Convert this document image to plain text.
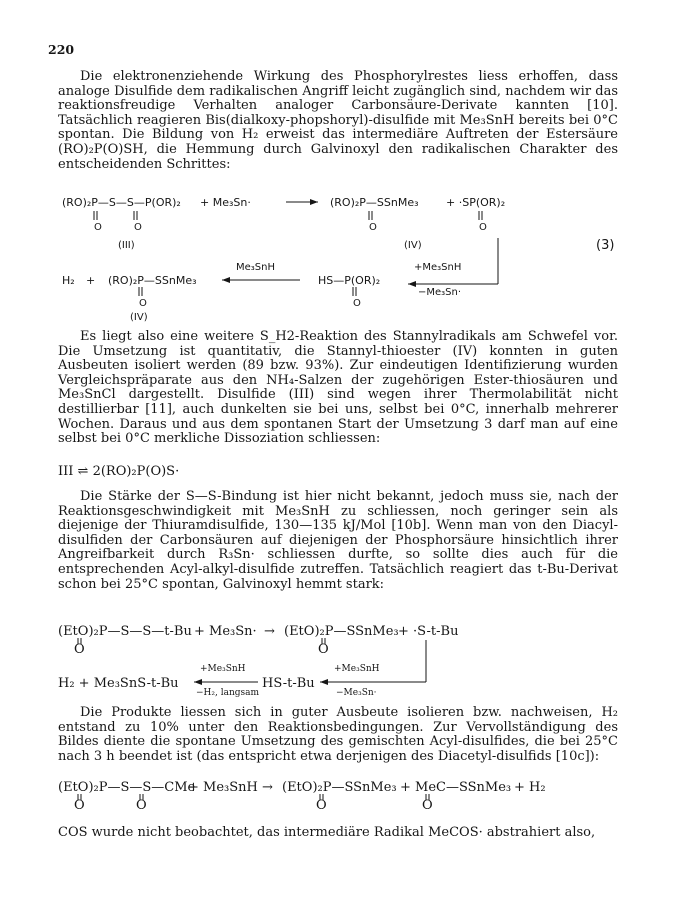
220
Die elektronenziehende Wirkung des Phosphorylrestes liess erhoffen, dass analoge Disulfide dem radikalischen Angriff leicht zugänglich sind, nachdem wir das reaktionsfreudige Verhalten analoger Carbonsäure-Derivate kannten [10]. Tatsächlich reagieren Bis(dialkoxy-phopshoryl)-disulfide mit Me₃SnH bereits bei 0°C spontan. Die Bildung von H₂ erweist das intermediäre Auftreten der Estersäure (RO)₂P(O)SH, die Hemmung durch Galvinoxyl den radikalischen Charakter des entscheidenden Schrittes:
(RO)₂P—S—S—P(OR)₂ + Me₃Sn·	(RO)₂P—SSnMe₃ + ·SP(OR)₂
O	O	O	O
(III)	(IV)	(3)
H₂ + (RO)₂P—SSnMe₃
Me₃SnH
HS—P(OR)₂
+Me₃SnH
−Me₃Sn·
O	O
(IV)
Es liegt also eine weitere S_H2-Reaktion des Stannylradikals am Schwefel vor. Die Umsetzung ist quantitativ, die Stannyl-thioester (IV) konnten in guten Ausbeuten isoliert werden (89 bzw. 93%). Zur eindeutigen Identifizierung wurden Vergleichspräparate aus den NH₄-Salzen der zugehörigen Ester-thiosäuren und Me₃SnCl dargestellt. Disulfide (III) sind wegen ihrer Thermolabilität nicht destillierbar [11], auch dunkelten sie bei uns, selbst bei 0°C, innerhalb mehrerer Wochen. Daraus und aus dem spontanen Start der Umsetzung 3 darf man auf eine selbst bei 0°C merkliche Dissoziation schliessen:
III ⇌ 2(RO)₂P(O)S·
Die Stärke der S—S-Bindung ist hier nicht bekannt, jedoch muss sie, nach der Reaktionsgeschwindigkeit mit Me₃SnH zu schliessen, noch geringer sein als diejenige der Thiuramdisulfide, 130—135 kJ/Mol [10b]. Wenn man von den Diacyl-disulfiden der Carbonsäuren auf diejenigen der Phosphorsäure hinsichtlich ihrer Angreifbarkeit durch R₃Sn· schliessen durfte, so sollte dies auch für die entsprechenden Acyl-alkyl-disulfide zutreffen. Tatsächlich reagiert das t-Bu-Derivat schon bei 25°C spontan, Galvinoxyl hemmt stark:
(EtO)₂P—S—S—t-Bu + Me₃Sn· → (EtO)₂P—SSnMe₃ + ·S-t-Bu
O	O
H₂ + Me₃SnS-t-Bu	HS-t-Bu
+Me₃SnH
−H₂, langsam
+Me₃SnH
−Me₃Sn·
Die Produkte liessen sich in guter Ausbeute isolieren bzw. nachweisen, H₂ entstand zu 10% unter den Reaktionsbedingungen. Zur Vervollständigung des Bildes diente die spontane Umsetzung des gemischten Acyl-disulfides, die bei 25°C nach 3 h beendet ist (das entspricht etwa derjenigen des Diacetyl-disulfids [10c]):
(EtO)₂P—S—S—CMe
+ Me₃SnH → (EtO)₂P—SSnMe₃ + MeC—SSnMe₃ + H₂
O	O	O	O
COS wurde nicht beobachtet, das intermediäre Radikal MeCOS· abstrahiert also,
